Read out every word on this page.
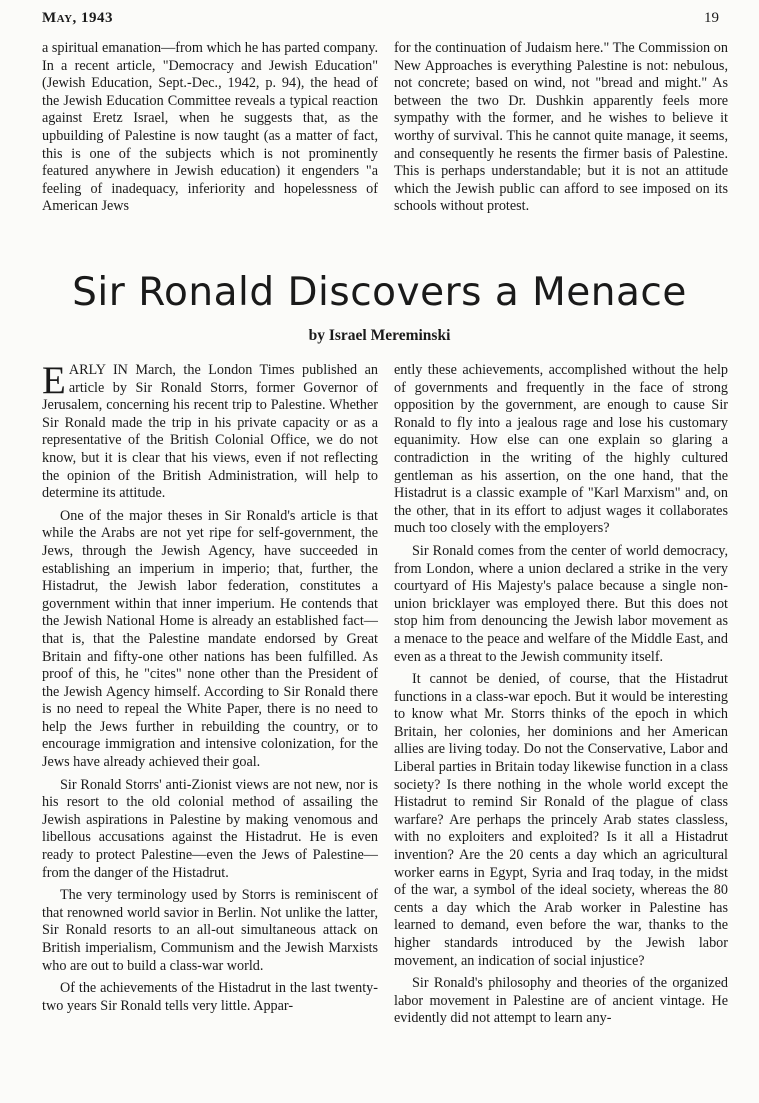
May, 1943	19

a spiritual emanation—from which he has parted company. In a recent article, "Democracy and Jewish Education" (Jewish Education, Sept.-Dec., 1942, p. 94), the head of the Jewish Education Committee reveals a typical reaction against Eretz Israel, when he suggests that, as the upbuilding of Palestine is now taught (as a matter of fact, this is one of the subjects which is not prominently featured anywhere in Jewish education) it engenders "a feeling of inadequacy, inferiority and hopelessness of American Jews

for the continuation of Judaism here." The Commission on New Approaches is everything Palestine is not: nebulous, not concrete; based on wind, not "bread and might." As between the two Dr. Dushkin apparently feels more sympathy with the former, and he wishes to believe it worthy of survival. This he cannot quite manage, it seems, and consequently he resents the firmer basis of Palestine. This is perhaps understandable; but it is not an attitude which the Jewish public can afford to see imposed on its schools without protest.

Sir Ronald Discovers a Menace
by Israel Mereminski

EARLY IN March, the London Times published an article by Sir Ronald Storrs, former Governor of Jerusalem, concerning his recent trip to Palestine. Whether Sir Ronald made the trip in his private capacity or as a representative of the British Colonial Office, we do not know, but it is clear that his views, even if not reflecting the opinion of the British Administration, will help to determine its attitude.

One of the major theses in Sir Ronald's article is that while the Arabs are not yet ripe for self-government, the Jews, through the Jewish Agency, have succeeded in establishing an imperium in imperio; that, further, the Histadrut, the Jewish labor federation, constitutes a government within that inner imperium. He contends that the Jewish National Home is already an established fact—that is, that the Palestine mandate endorsed by Great Britain and fifty-one other nations has been fulfilled. As proof of this, he "cites" none other than the President of the Jewish Agency himself. According to Sir Ronald there is no need to repeal the White Paper, there is no need to help the Jews further in rebuilding the country, or to encourage immigration and intensive colonization, for the Jews have already achieved their goal.

Sir Ronald Storrs' anti-Zionist views are not new, nor is his resort to the old colonial method of assailing the Jewish aspirations in Palestine by making venomous and libellous accusations against the Histadrut. He is even ready to protect Palestine—even the Jews of Palestine—from the danger of the Histadrut.

The very terminology used by Storrs is reminiscent of that renowned world savior in Berlin. Not unlike the latter, Sir Ronald resorts to an all-out simultaneous attack on British imperialism, Communism and the Jewish Marxists who are out to build a class-war world.

Of the achievements of the Histadrut in the last twenty-two years Sir Ronald tells very little. Appar-

ently these achievements, accomplished without the help of governments and frequently in the face of strong opposition by the government, are enough to cause Sir Ronald to fly into a jealous rage and lose his customary equanimity. How else can one explain so glaring a contradiction in the writing of the highly cultured gentleman as his assertion, on the one hand, that the Histadrut is a classic example of "Karl Marxism" and, on the other, that in its effort to adjust wages it collaborates much too closely with the employers?

Sir Ronald comes from the center of world democracy, from London, where a union declared a strike in the very courtyard of His Majesty's palace because a single non-union bricklayer was employed there. But this does not stop him from denouncing the Jewish labor movement as a menace to the peace and welfare of the Middle East, and even as a threat to the Jewish community itself.

It cannot be denied, of course, that the Histadrut functions in a class-war epoch. But it would be interesting to know what Mr. Storrs thinks of the epoch in which Britain, her colonies, her dominions and her American allies are living today. Do not the Conservative, Labor and Liberal parties in Britain today likewise function in a class society? Is there nothing in the whole world except the Histadrut to remind Sir Ronald of the plague of class warfare? Are perhaps the princely Arab states classless, with no exploiters and exploited? Is it all a Histadrut invention? Are the 20 cents a day which an agricultural worker earns in Egypt, Syria and Iraq today, in the midst of the war, a symbol of the ideal society, whereas the 80 cents a day which the Arab worker in Palestine has learned to demand, even before the war, thanks to the higher standards introduced by the Jewish labor movement, an indication of social injustice?

Sir Ronald's philosophy and theories of the organized labor movement in Palestine are of ancient vintage. He evidently did not attempt to learn any-
